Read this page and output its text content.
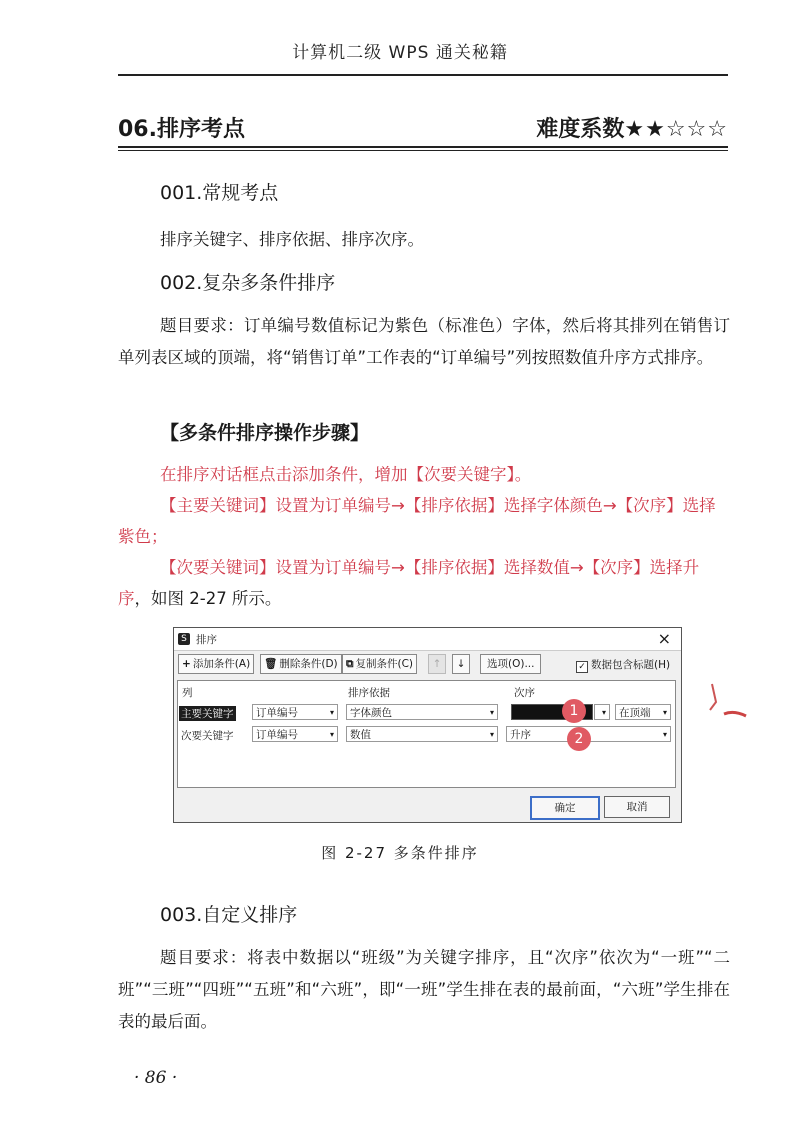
计算机二级 WPS 通关秘籍
06.排序考点	难度系数★★☆☆☆
001.常规考点
排序关键字、排序依据、排序次序。
002.复杂多条件排序
题目要求：订单编号数值标记为紫色（标准色）字体，然后将其排列在销售订单列表区域的顶端，将“销售订单”工作表的“订单编号”列按照数值升序方式排序。
【多条件排序操作步骤】

在排序对话框点击添加条件，增加【次要关键字】。

【主要关键词】设置为订单编号→【排序依据】选择字体颜色→【次序】选择紫色；

【次要关键词】设置为订单编号→【排序依据】选择数值→【次序】选择升序，如图 2-27 所示。

S 排序	×
+ 添加条件(A)	🗑 删除条件(D) ⧉ 复制条件(C)	↑	↓	选项(O)...	✓ 数据包含标题(H)
列	排序依据	次序
主要关键字	订单编号	▾	字体颜色	▾	▾	在顶端 ▾
次要关键字	订单编号	▾	数值	▾	升序	▾
1
2
确定	取消
图 2-27 多条件排序
003.自定义排序
题目要求：将表中数据以“班级”为关键字排序，且“次序”依次为“一班”“二班”“三班”“四班”“五班”和“六班”，即“一班”学生排在表的最前面，“六班”学生排在表的最后面。
· 86 ·
